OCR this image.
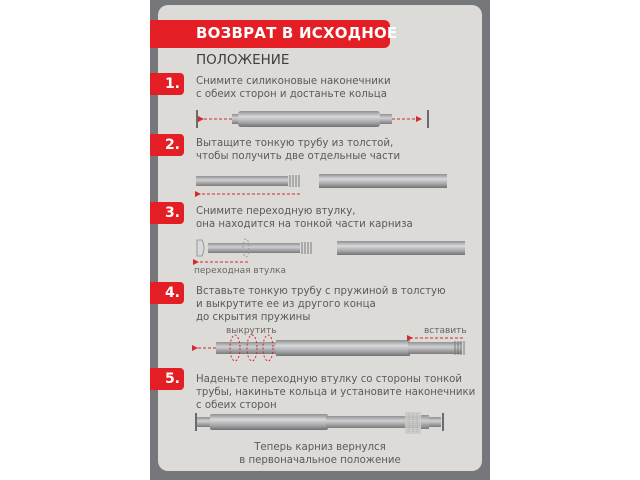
ВОЗВРАТ В ИСХОДНОЕ
ПОЛОЖЕНИЕ
1.	Снимите силиконовые наконечники
с обеих сторон и достаньте кольца
2.	Вытащите тонкую трубу из толстой,
чтобы получить две отдельные части
3.	Снимите переходную втулку,
она находится на тонкой части карниза
переходная втулка
4.	Вставьте тонкую трубу с пружиной в толстую
и выкрутите ее из другого конца
до скрытия пружины
выкрутить	вставить
5.	Наденьте переходную втулку со стороны тонкой
трубы, накиньте кольца и установите наконечники
с обеих сторон
Теперь карниз вернулся
в первоначальное положение
